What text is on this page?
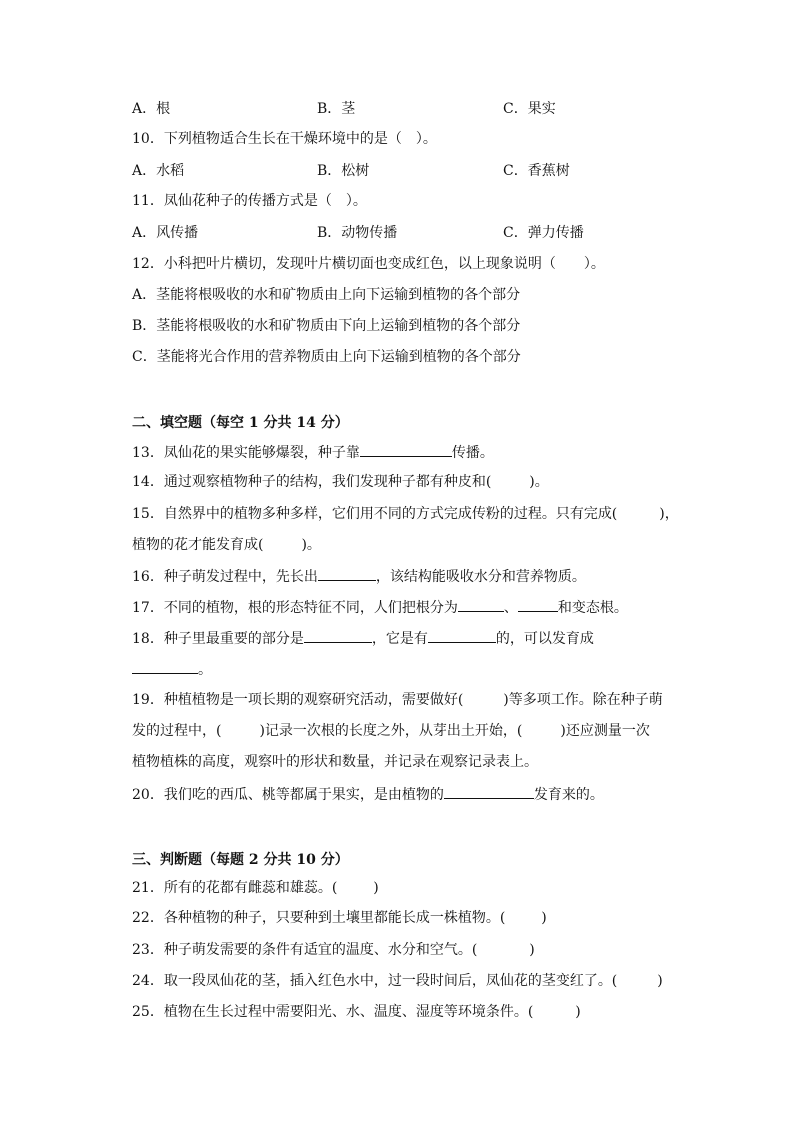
A．根	B．茎	C．果实
10．下列植物适合生长在干燥环境中的是（　）。
A．水稻	B．松树	C．香蕉树
11．凤仙花种子的传播方式是（　）。
A．风传播	B．动物传播	C．弹力传播
12．小科把叶片横切，发现叶片横切面也变成红色，以上现象说明（　　）。
A．茎能将根吸收的水和矿物质由上向下运输到植物的各个部分
B．茎能将根吸收的水和矿物质由下向上运输到植物的各个部分
C．茎能将光合作用的营养物质由上向下运输到植物的各个部分
二、填空题（每空 1 分共 14 分）
13．凤仙花的果实能够爆裂，种子靠	传播。
14．通过观察植物种子的结构，我们发现种子都有种皮和(	)。
15．自然界中的植物多种多样，它们用不同的方式完成传粉的过程。只有完成(	)，
植物的花才能发育成(	)。
16．种子萌发过程中，先长出	，该结构能吸收水分和营养物质。
17．不同的植物，根的形态特征不同，人们把根分为	、	和变态根。
18．种子里最重要的部分是	，它是有	的，可以发育成
。
19．种植植物是一项长期的观察研究活动，需要做好(	)等多项工作。除在种子萌
发的过程中，(	)记录一次根的长度之外，从芽出土开始，(	)还应测量一次
植物植株的高度，观察叶的形状和数量，并记录在观察记录表上。
20．我们吃的西瓜、桃等都属于果实，是由植物的	发育来的。
三、判断题（每题 2 分共 10 分）
21．所有的花都有雌蕊和雄蕊。(	)
22．各种植物的种子，只要种到土壤里都能长成一株植物。(	)
23．种子萌发需要的条件有适宜的温度、水分和空气。(	)
24．取一段凤仙花的茎，插入红色水中，过一段时间后，凤仙花的茎变红了。(	)
25．植物在生长过程中需要阳光、水、温度、湿度等环境条件。(	)
